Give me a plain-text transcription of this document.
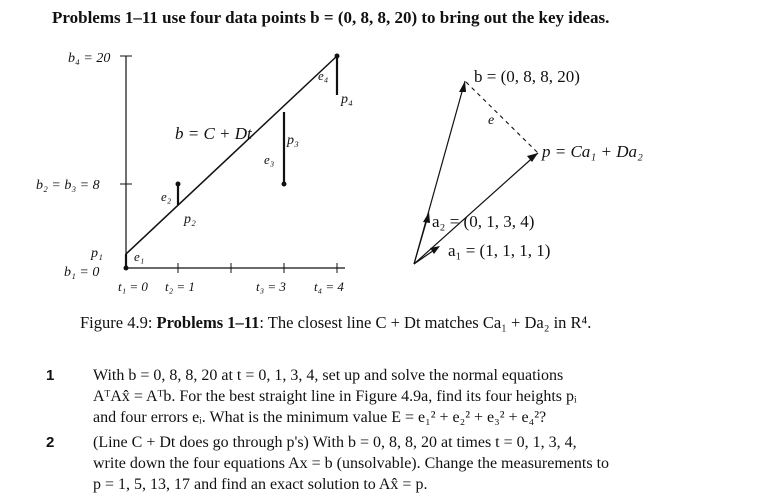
Problems 1–11 use four data points b = (0, 8, 8, 20) to bring out the key ideas.
b₄ = 20
b₂ = b₃ = 8
b₁ = 0
p₁
p₂
p₃
p₄
e₁
e₂
e₃
e₄
b = C + Dt
t₁ = 0 t₂ = 1	t₃ = 3 t₄ = 4
b = (0, 8, 8, 20)
e
p = Ca₁ + Da₂
a₂ = (0, 1, 3, 4)
a₁ = (1, 1, 1, 1)
Figure 4.9: Problems 1–11: The closest line C + Dt matches Ca₁ + Da₂ in R⁴.
1 With b = 0, 8, 8, 20 at t = 0, 1, 3, 4, set up and solve the normal equations
AᵀAx̂ = Aᵀb. For the best straight line in Figure 4.9a, find its four heights pᵢ
and four errors eᵢ. What is the minimum value E = e₁² + e₂² + e₃² + e₄²?
2 (Line C + Dt does go through p's) With b = 0, 8, 8, 20 at times t = 0, 1, 3, 4,
write down the four equations Ax = b (unsolvable). Change the measurements to
p = 1, 5, 13, 17 and find an exact solution to Ax̂ = p.
